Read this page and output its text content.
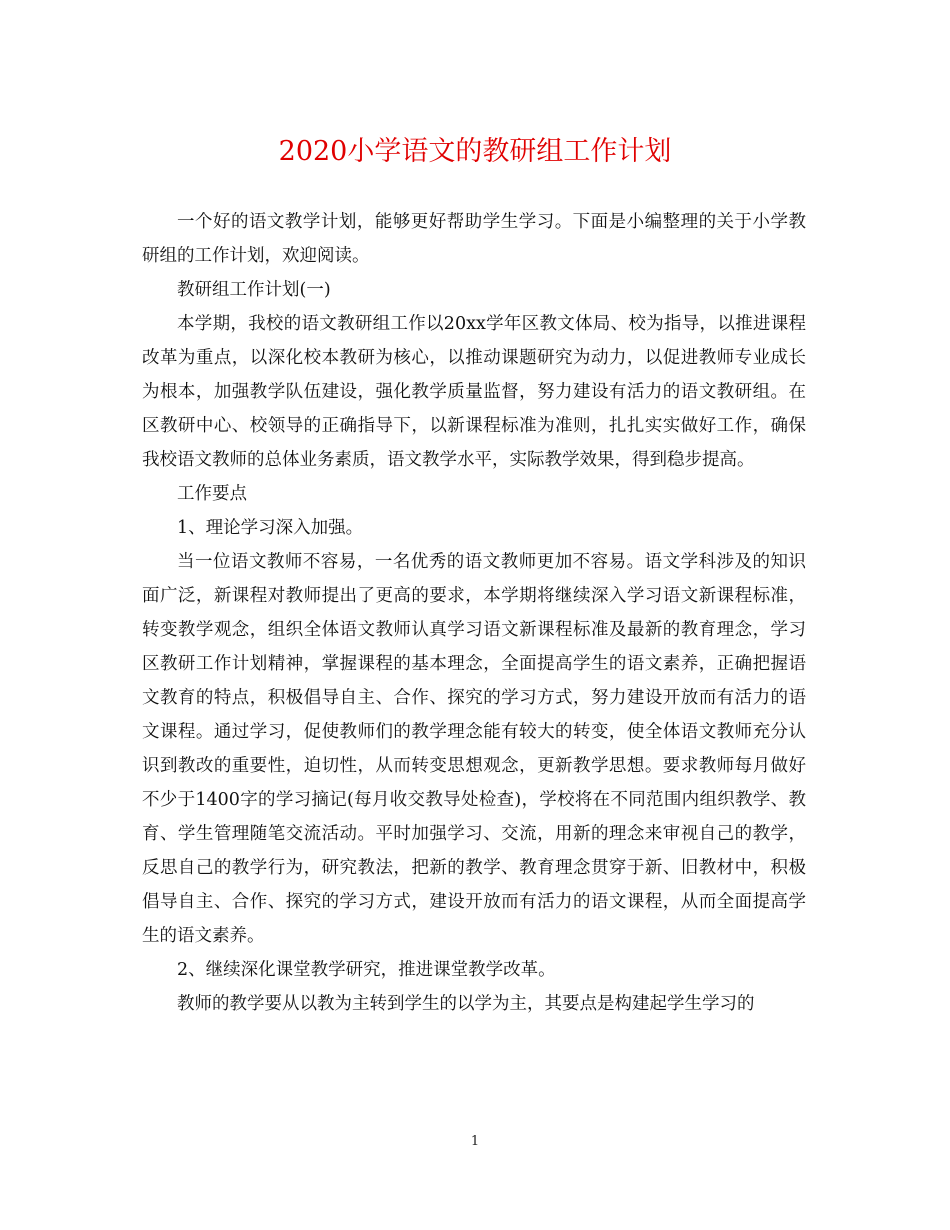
2020小学语文的教研组工作计划

一个好的语文教学计划，能够更好帮助学生学习。下面是小编整理的关于小学教研组的工作计划，欢迎阅读。

教研组工作计划(一)

本学期，我校的语文教研组工作以20xx学年区教文体局、校为指导，以推进课程改革为重点，以深化校本教研为核心，以推动课题研究为动力，以促进教师专业成长为根本，加强教学队伍建设，强化教学质量监督，努力建设有活力的语文教研组。在区教研中心、校领导的正确指导下，以新课程标准为准则，扎扎实实做好工作，确保我校语文教师的总体业务素质，语文教学水平，实际教学效果，得到稳步提高。

工作要点

1、理论学习深入加强。

当一位语文教师不容易，一名优秀的语文教师更加不容易。语文学科涉及的知识面广泛，新课程对教师提出了更高的要求，本学期将继续深入学习语文新课程标准，转变教学观念，组织全体语文教师认真学习语文新课程标准及最新的教育理念，学习区教研工作计划精神，掌握课程的基本理念，全面提高学生的语文素养，正确把握语文教育的特点，积极倡导自主、合作、探究的学习方式，努力建设开放而有活力的语文课程。通过学习，促使教师们的教学理念能有较大的转变，使全体语文教师充分认识到教改的重要性，迫切性，从而转变思想观念，更新教学思想。要求教师每月做好不少于1400字的学习摘记(每月收交教导处检查)，学校将在不同范围内组织教学、教育、学生管理随笔交流活动。平时加强学习、交流，用新的理念来审视自己的教学，反思自己的教学行为，研究教法，把新的教学、教育理念贯穿于新、旧教材中，积极倡导自主、合作、探究的学习方式，建设开放而有活力的语文课程，从而全面提高学生的语文素养。

2、继续深化课堂教学研究，推进课堂教学改革。

教师的教学要从以教为主转到学生的以学为主，其要点是构建起学生学习的

1
